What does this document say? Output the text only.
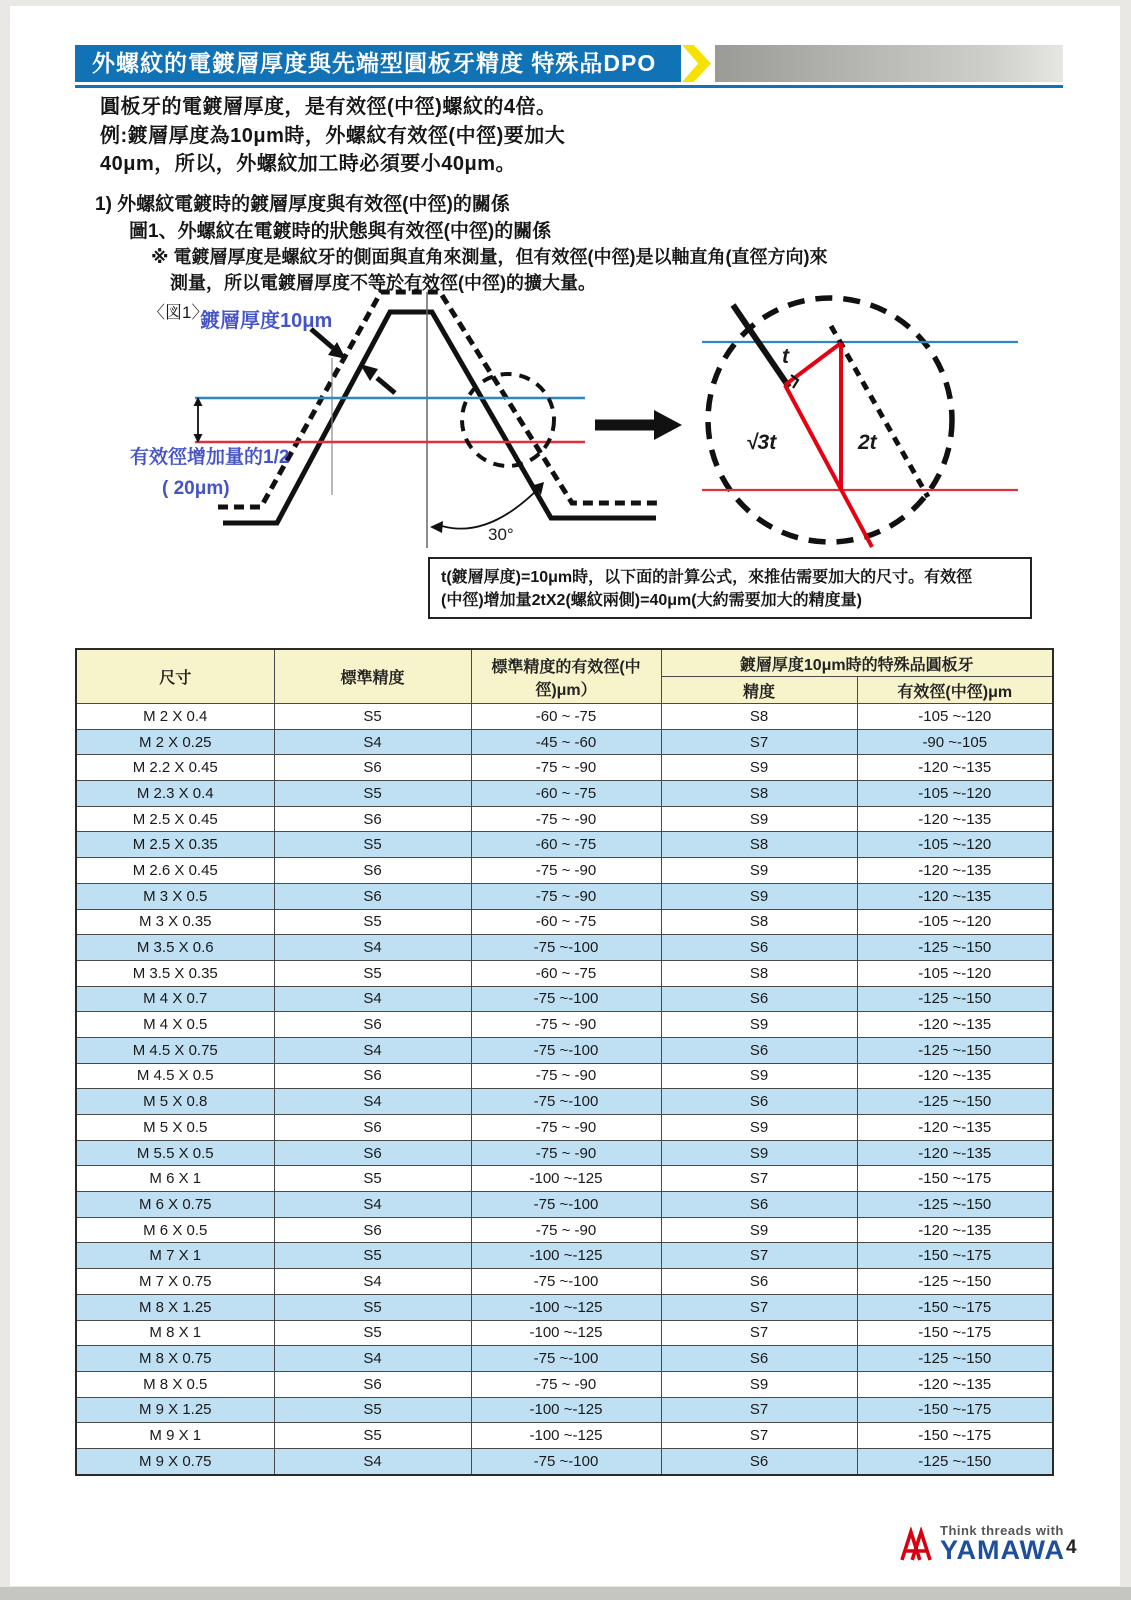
外螺紋的電鍍層厚度與先端型圓板牙精度 特殊品DPO
圓板牙的電鍍層厚度，是有效徑(中徑)螺紋的4倍。
例:鍍層厚度為10μm時，外螺紋有效徑(中徑)要加大
40μm，所以，外螺紋加工時必須要小40μm。
1) 外螺紋電鍍時的鍍層厚度與有效徑(中徑)的關係
圖1、外螺紋在電鍍時的狀態與有效徑(中徑)的關係
※ 電鍍層厚度是螺紋牙的側面與直角來測量，但有效徑(中徑)是以軸直角(直徑方向)來
測量，所以電鍍層厚度不等於有效徑(中徑)的擴大量。
30°
t
√3t	2t
〈図1〉
鍍層厚度10μm
有效徑增加量的1/2
( 20μm)
t(鍍層厚度)=10μm時，以下面的計算公式，來推估需要加大的尺寸。有效徑
(中徑)增加量2tX2(螺紋兩側)=40μm(大約需要加大的精度量)
尺寸	標準精度	標準精度的有效徑(中徑)μm）	鍍層厚度10μm時的特殊品圓板牙	
			精度	有效徑(中徑)μm
M 2 X 0.4	S5	-60 ~ -75	S8	-105 ~-120
M 2 X 0.25	S4	-45 ~ -60	S7	-90 ~-105
M 2.2 X 0.45	S6	-75 ~ -90	S9	-120 ~-135
M 2.3 X 0.4	S5	-60 ~ -75	S8	-105 ~-120
M 2.5 X 0.45	S6	-75 ~ -90	S9	-120 ~-135
M 2.5 X 0.35	S5	-60 ~ -75	S8	-105 ~-120
M 2.6 X 0.45	S6	-75 ~ -90	S9	-120 ~-135
M 3 X 0.5	S6	-75 ~ -90	S9	-120 ~-135
M 3 X 0.35	S5	-60 ~ -75	S8	-105 ~-120
M 3.5 X 0.6	S4	-75 ~-100	S6	-125 ~-150
M 3.5 X 0.35	S5	-60 ~ -75	S8	-105 ~-120
M 4 X 0.7	S4	-75 ~-100	S6	-125 ~-150
M 4 X 0.5	S6	-75 ~ -90	S9	-120 ~-135
M 4.5 X 0.75	S4	-75 ~-100	S6	-125 ~-150
M 4.5 X 0.5	S6	-75 ~ -90	S9	-120 ~-135
M 5 X 0.8	S4	-75 ~-100	S6	-125 ~-150
M 5 X 0.5	S6	-75 ~ -90	S9	-120 ~-135
M 5.5 X 0.5	S6	-75 ~ -90	S9	-120 ~-135
M 6 X 1	S5	-100 ~-125	S7	-150 ~-175
M 6 X 0.75	S4	-75 ~-100	S6	-125 ~-150
M 6 X 0.5	S6	-75 ~ -90	S9	-120 ~-135
M 7 X 1	S5	-100 ~-125	S7	-150 ~-175
M 7 X 0.75	S4	-75 ~-100	S6	-125 ~-150
M 8 X 1.25	S5	-100 ~-125	S7	-150 ~-175
M 8 X 1	S5	-100 ~-125	S7	-150 ~-175
M 8 X 0.75	S4	-75 ~-100	S6	-125 ~-150
M 8 X 0.5	S6	-75 ~ -90	S9	-120 ~-135
M 9 X 1.25	S5	-100 ~-125	S7	-150 ~-175
M 9 X 1	S5	-100 ~-125	S7	-150 ~-175
M 9 X 0.75	S4	-75 ~-100	S6	-125 ~-150
Think threads with
YAMAWA 4
